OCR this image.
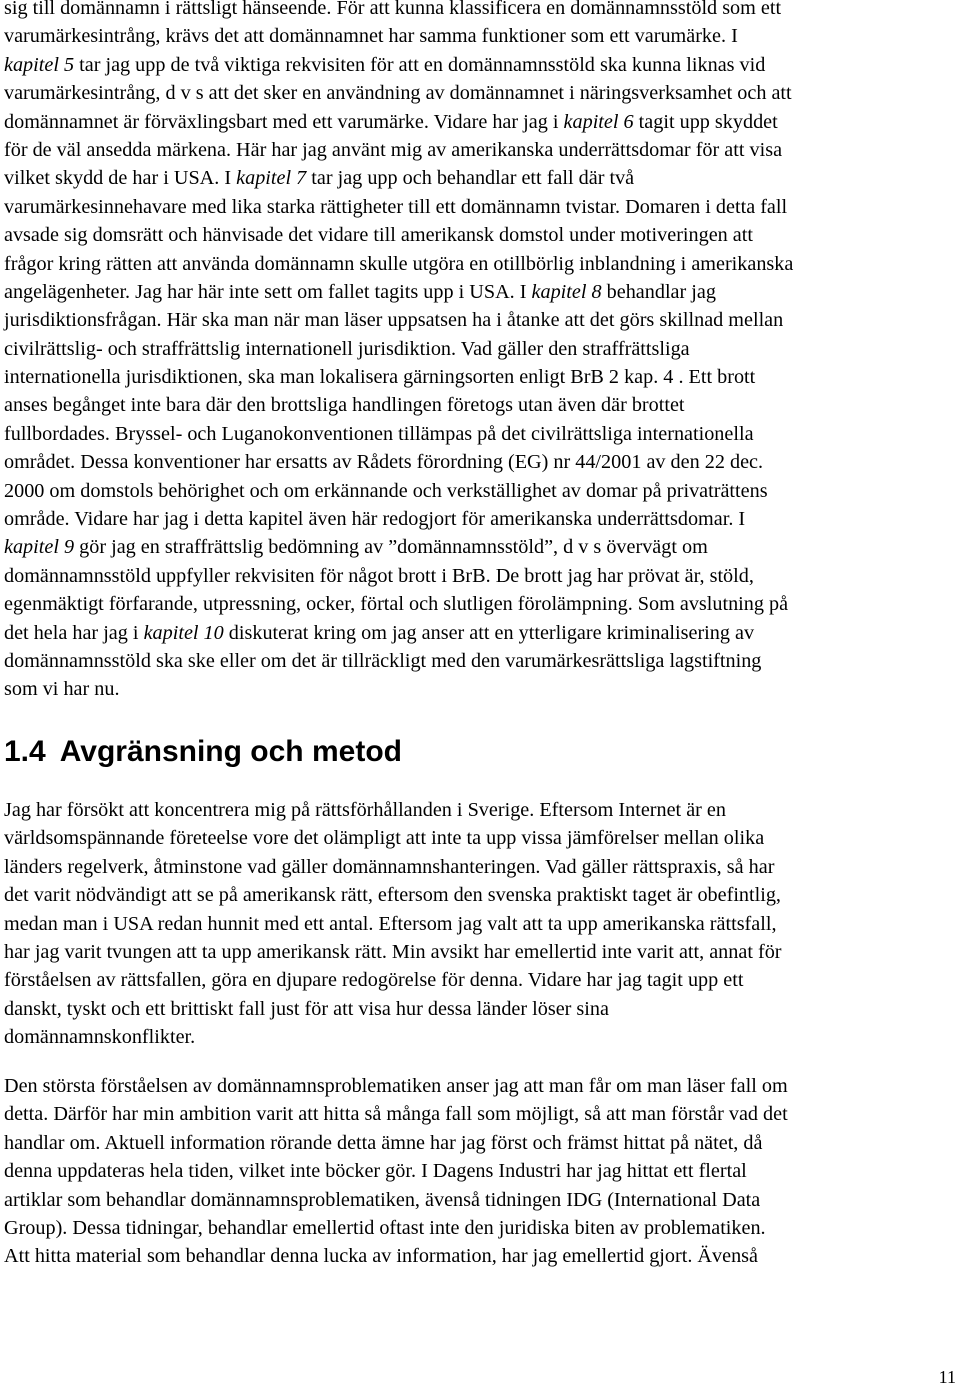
sig till domännamn i rättsligt hänseende. För att kunna klassificera en domännamnsstöld som ett
varumärkesintrång, krävs det att domännamnet har samma funktioner som ett varumärke. I
kapitel 5 tar jag upp de två viktiga rekvisiten för att en domännamnsstöld ska kunna liknas vid
varumärkesintrång, d v s att det sker en användning av domännamnet i näringsverksamhet och att
domännamnet är förväxlingsbart med ett varumärke. Vidare har jag i kapitel 6 tagit upp skyddet
för de väl ansedda märkena. Här har jag använt mig av amerikanska underrättsdomar för att visa
vilket skydd de har i USA. I kapitel 7 tar jag upp och behandlar ett fall där två
varumärkesinnehavare med lika starka rättigheter till ett domännamn tvistar. Domaren i detta fall
avsade sig domsrätt och hänvisade det vidare till amerikansk domstol under motiveringen att
frågor kring rätten att använda domännamn skulle utgöra en otillbörlig inblandning i amerikanska
angelägenheter. Jag har här inte sett om fallet tagits upp i USA. I kapitel 8 behandlar jag
jurisdiktionsfrågan. Här ska man när man läser uppsatsen ha i åtanke att det görs skillnad mellan
civilrättslig- och straffrättslig internationell jurisdiktion. Vad gäller den straffrättsliga
internationella jurisdiktionen, ska man lokalisera gärningsorten enligt BrB 2 kap. 4 . Ett brott
anses begånget inte bara där den brottsliga handlingen företogs utan även där brottet
fullbordades. Bryssel- och Luganokonventionen tillämpas på det civilrättsliga internationella
området. Dessa konventioner har ersatts av Rådets förordning (EG) nr 44/2001 av den 22 dec.
2000 om domstols behörighet och om erkännande och verkställighet av domar på privaträttens
område. Vidare har jag i detta kapitel även här redogjort för amerikanska underrättsdomar. I
kapitel 9 gör jag en straffrättslig bedömning av ”domännamnsstöld”, d v s övervägt om
domännamnsstöld uppfyller rekvisiten för något brott i BrB. De brott jag har prövat är, stöld,
egenmäktigt förfarande, utpressning, ocker, förtal och slutligen förolämpning. Som avslutning på
det hela har jag i kapitel 10 diskuterat kring om jag anser att en ytterligare kriminalisering av
domännamnsstöld ska ske eller om det är tillräckligt med den varumärkesrättsliga lagstiftning
som vi har nu.
1.4 Avgränsning och metod
Jag har försökt att koncentrera mig på rättsförhållanden i Sverige. Eftersom Internet är en
världsomspännande företeelse vore det olämpligt att inte ta upp vissa jämförelser mellan olika
länders regelverk, åtminstone vad gäller domännamnshanteringen. Vad gäller rättspraxis, så har
det varit nödvändigt att se på amerikansk rätt, eftersom den svenska praktiskt taget är obefintlig,
medan man i USA redan hunnit med ett antal. Eftersom jag valt att ta upp amerikanska rättsfall,
har jag varit tvungen att ta upp amerikansk rätt. Min avsikt har emellertid inte varit att, annat för
förståelsen av rättsfallen, göra en djupare redogörelse för denna. Vidare har jag tagit upp ett
danskt, tyskt och ett brittiskt fall just för att visa hur dessa länder löser sina
domännamnskonflikter.
Den största förståelsen av domännamnsproblematiken anser jag att man får om man läser fall om
detta. Därför har min ambition varit att hitta så många fall som möjligt, så att man förstår vad det
handlar om. Aktuell information rörande detta ämne har jag först och främst hittat på nätet, då
denna uppdateras hela tiden, vilket inte böcker gör. I Dagens Industri har jag hittat ett flertal
artiklar som behandlar domännamnsproblematiken, ävenså tidningen IDG (International Data
Group). Dessa tidningar, behandlar emellertid oftast inte den juridiska biten av problematiken.
Att hitta material som behandlar denna lucka av information, har jag emellertid gjort. Ävenså
11
